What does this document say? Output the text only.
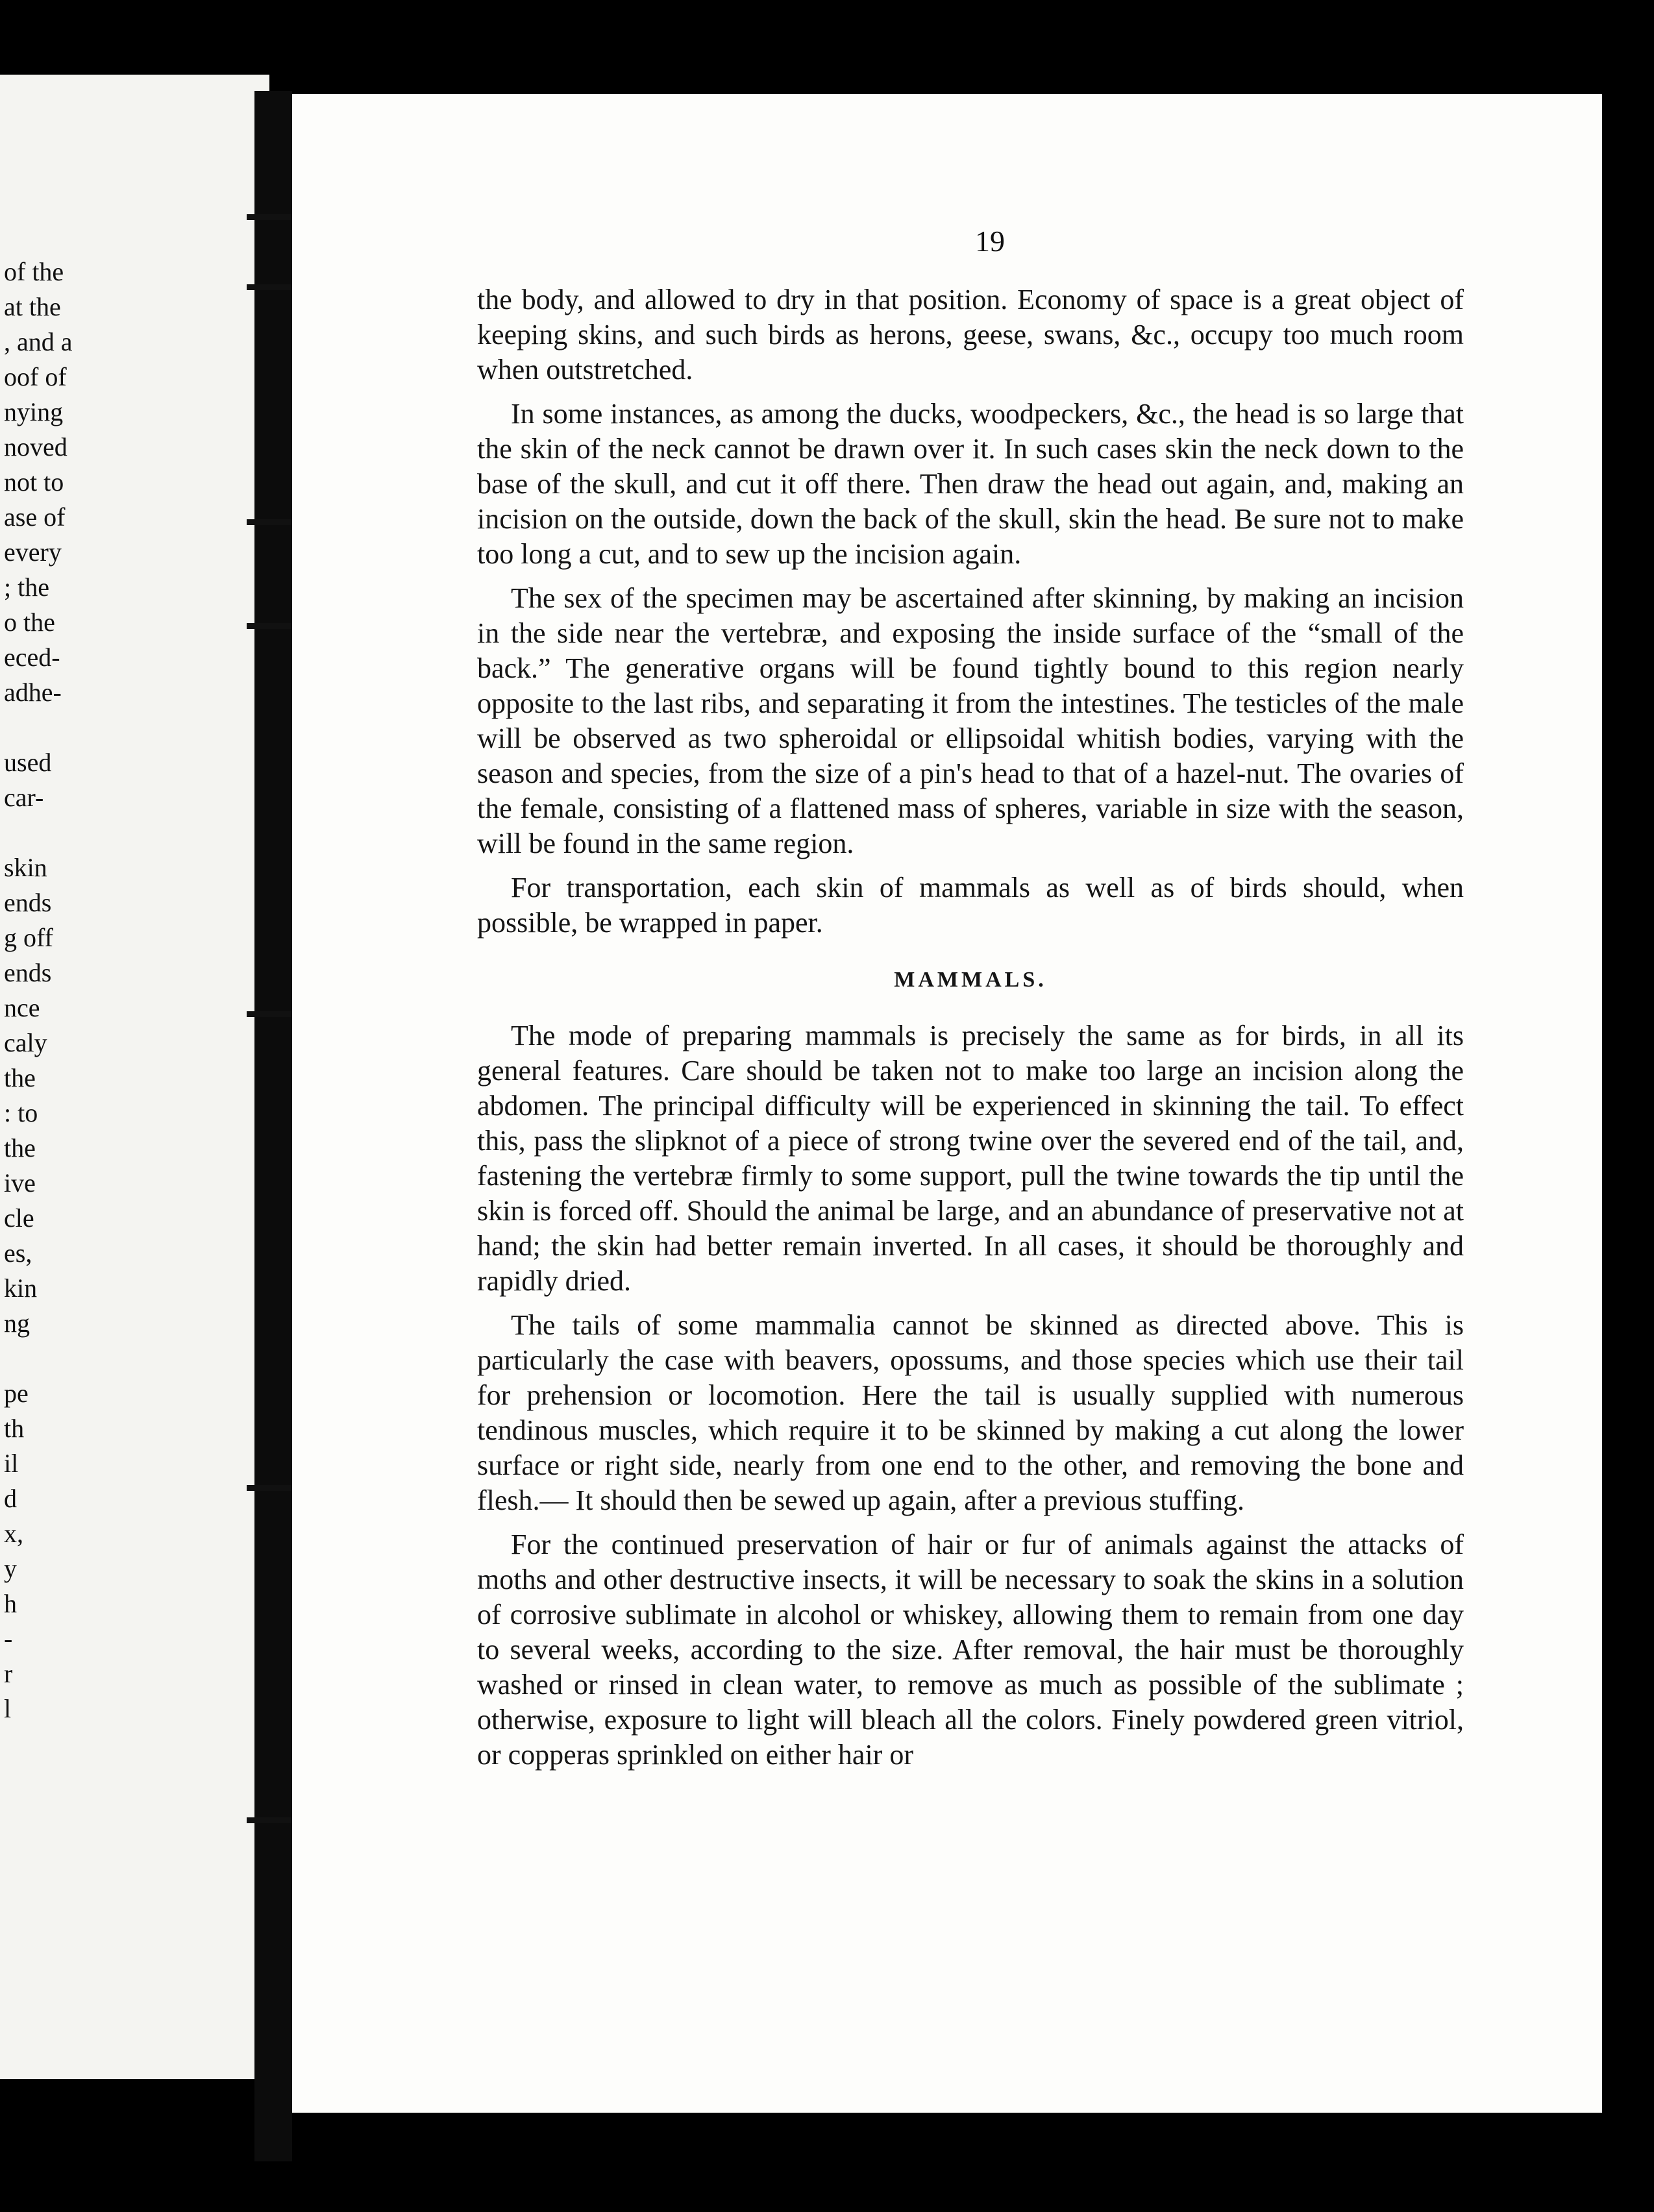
of the

at the

, and a

oof of

nying

noved

not to

ase of

every

; the

o the

eced-

adhe-

used

car-

skin

ends

g off

ends

nce

caly

the

: to

the

ive

cle

es,

kin

ng

pe

th

il

d

x,

y

h

-

r

l

19

the body, and allowed to dry in that position. Economy of space is a great object of keeping skins, and such birds as herons, geese, swans, &c., occupy too much room when outstretched.

In some instances, as among the ducks, woodpeckers, &c., the head is so large that the skin of the neck cannot be drawn over it. In such cases skin the neck down to the base of the skull, and cut it off there. Then draw the head out again, and, making an incision on the outside, down the back of the skull, skin the head. Be sure not to make too long a cut, and to sew up the incision again.

The sex of the specimen may be ascertained after skinning, by making an incision in the side near the vertebræ, and exposing the inside surface of the “small of the back.” The generative organs will be found tightly bound to this region nearly opposite to the last ribs, and separating it from the intestines. The testicles of the male will be observed as two spheroidal or ellipsoidal whitish bodies, varying with the season and species, from the size of a pin's head to that of a hazel-nut. The ovaries of the female, consisting of a flattened mass of spheres, variable in size with the season, will be found in the same region.

For transportation, each skin of mammals as well as of birds should, when possible, be wrapped in paper.

MAMMALS.

The mode of preparing mammals is precisely the same as for birds, in all its general features. Care should be taken not to make too large an incision along the abdomen. The principal difficulty will be experienced in skinning the tail. To effect this, pass the slipknot of a piece of strong twine over the severed end of the tail, and, fastening the vertebræ firmly to some support, pull the twine towards the tip until the skin is forced off. Should the animal be large, and an abundance of preservative not at hand; the skin had better remain inverted. In all cases, it should be thoroughly and rapidly dried.

The tails of some mammalia cannot be skinned as directed above. This is particularly the case with beavers, opossums, and those species which use their tail for prehension or locomotion. Here the tail is usually supplied with numerous tendinous muscles, which require it to be skinned by making a cut along the lower surface or right side, nearly from one end to the other, and removing the bone and flesh.— It should then be sewed up again, after a previous stuffing.

For the continued preservation of hair or fur of animals against the attacks of moths and other destructive insects, it will be necessary to soak the skins in a solution of corrosive sublimate in alcohol or whiskey, allowing them to remain from one day to several weeks, according to the size. After removal, the hair must be thoroughly washed or rinsed in clean water, to remove as much as possible of the sublimate ; otherwise, exposure to light will bleach all the colors. Finely powdered green vitriol, or copperas sprinkled on either hair or
